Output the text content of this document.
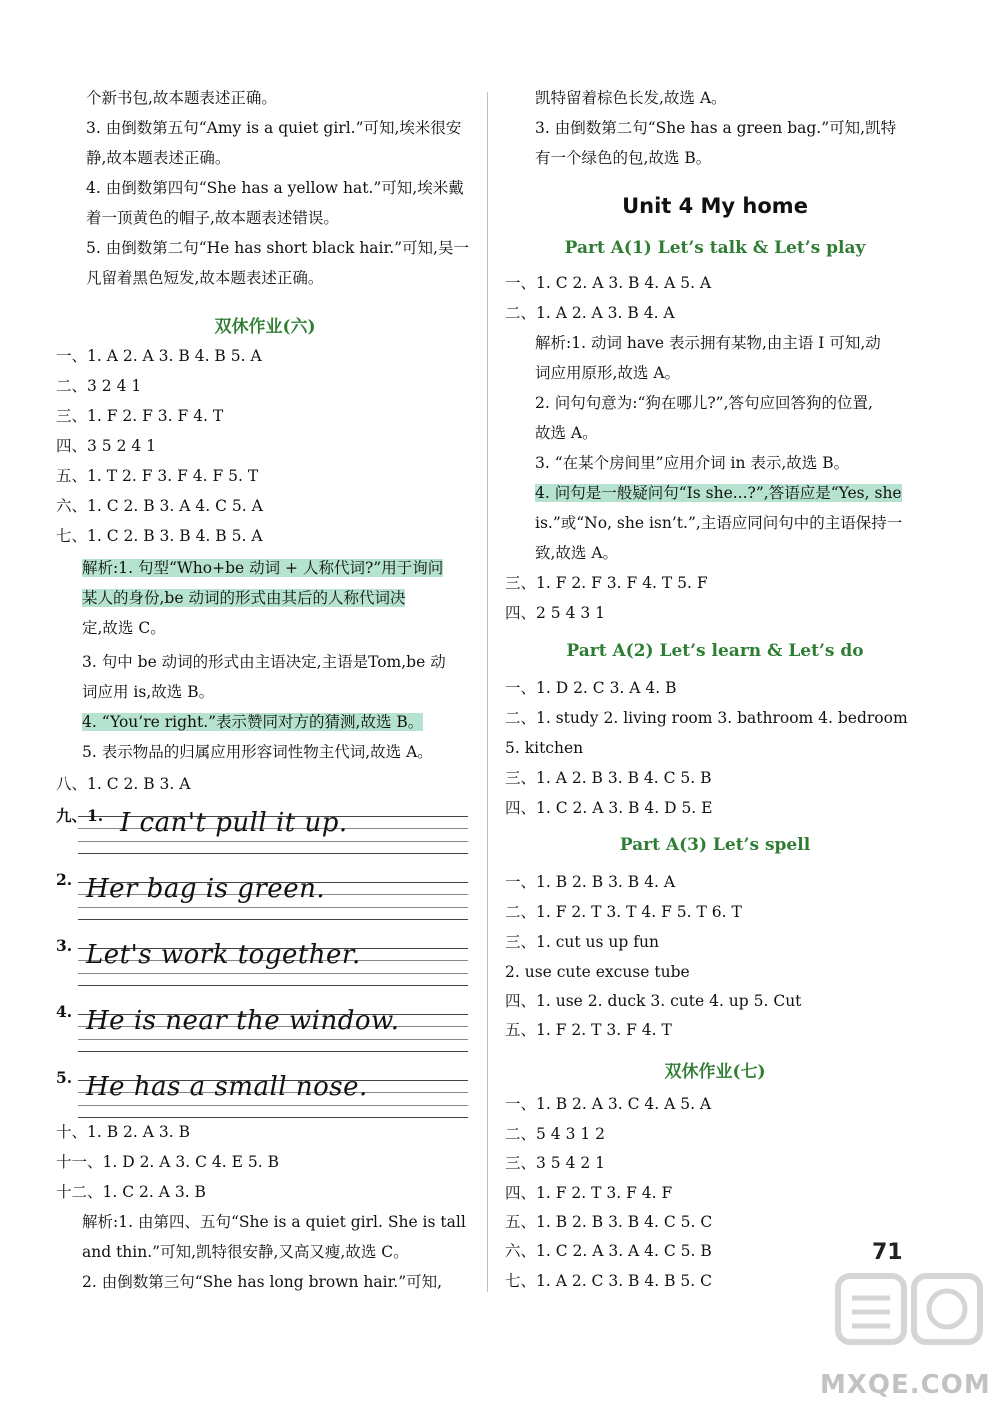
个新书包,故本题表述正确。
3. 由倒数第五句“Amy is a quiet girl.”可知,埃米很安
静,故本题表述正确。
4. 由倒数第四句“She has a yellow hat.”可知,埃米戴
着一顶黄色的帽子,故本题表述错误。
5. 由倒数第二句“He has short black hair.”可知,吴一
凡留着黑色短发,故本题表述正确。
双休作业(六)
一、1. A 2. A 3. B 4. B 5. A
二、3 2 4 1
三、1. F 2. F 3. F 4. T
四、3 5 2 4 1
五、1. T 2. F 3. F 4. F 5. T
六、1. C 2. B 3. A 4. C 5. A
七、1. C 2. B 3. B 4. B 5. A
解析:1. 句型“Who+be 动词 + 人称代词?”用于询问
某人的身份,be 动词的形式由其后的人称代词决
定,故选 C。
3. 句中 be 动词的形式由主语决定,主语是Tom,be 动
词应用 is,故选 B。
4. “You’re right.”表示赞同对方的猜测,故选 B。
5. 表示物品的归属应用形容词性物主代词,故选 A。
八、1. C 2. B 3. A
九、1. I can't pull it up.
2. Her bag is green.
3. Let's work together.
4. He is near the window.
5. He has a small nose.
十、1. B 2. A 3. B
十一、1. D 2. A 3. C 4. E 5. B
十二、1. C 2. A 3. B
解析:1. 由第四、五句“She is a quiet girl. She is tall
and thin.”可知,凯特很安静,又高又瘦,故选 C。
2. 由倒数第三句“She has long brown hair.”可知,
凯特留着棕色长发,故选 A。
3. 由倒数第二句“She has a green bag.”可知,凯特
有一个绿色的包,故选 B。
Unit 4 My home
Part A(1) Let’s talk & Let’s play
一、1. C 2. A 3. B 4. A 5. A
二、1. A 2. A 3. B 4. A
解析:1. 动词 have 表示拥有某物,由主语 I 可知,动
词应用原形,故选 A。
2. 问句句意为:“狗在哪儿?”,答句应回答狗的位置,
故选 A。
3. “在某个房间里”应用介词 in 表示,故选 B。
4. 问句是一般疑问句“Is she...?”,答语应是“Yes, she
is.”或“No, she isn’t.”,主语应同问句中的主语保持一
致,故选 A。
三、1. F 2. F 3. F 4. T 5. F
四、2 5 4 3 1
Part A(2) Let’s learn & Let’s do
一、1. D 2. C 3. A 4. B
二、1. study 2. living room 3. bathroom 4. bedroom
5. kitchen
三、1. A 2. B 3. B 4. C 5. B
四、1. C 2. A 3. B 4. D 5. E
Part A(3) Let’s spell
一、1. B 2. B 3. B 4. A
二、1. F 2. T 3. T 4. F 5. T 6. T
三、1. cut us up fun
2. use cute excuse tube
四、1. use 2. duck 3. cute 4. up 5. Cut
五、1. F 2. T 3. F 4. T
双休作业(七)
一、1. B 2. A 3. C 4. A 5. A
二、5 4 3 1 2
三、3 5 4 2 1
四、1. F 2. T 3. F 4. F
五、1. B 2. B 3. B 4. C 5. C
六、1. C 2. A 3. A 4. C 5. B
七、1. A 2. C 3. B 4. B 5. C
71
MXQE.COM
